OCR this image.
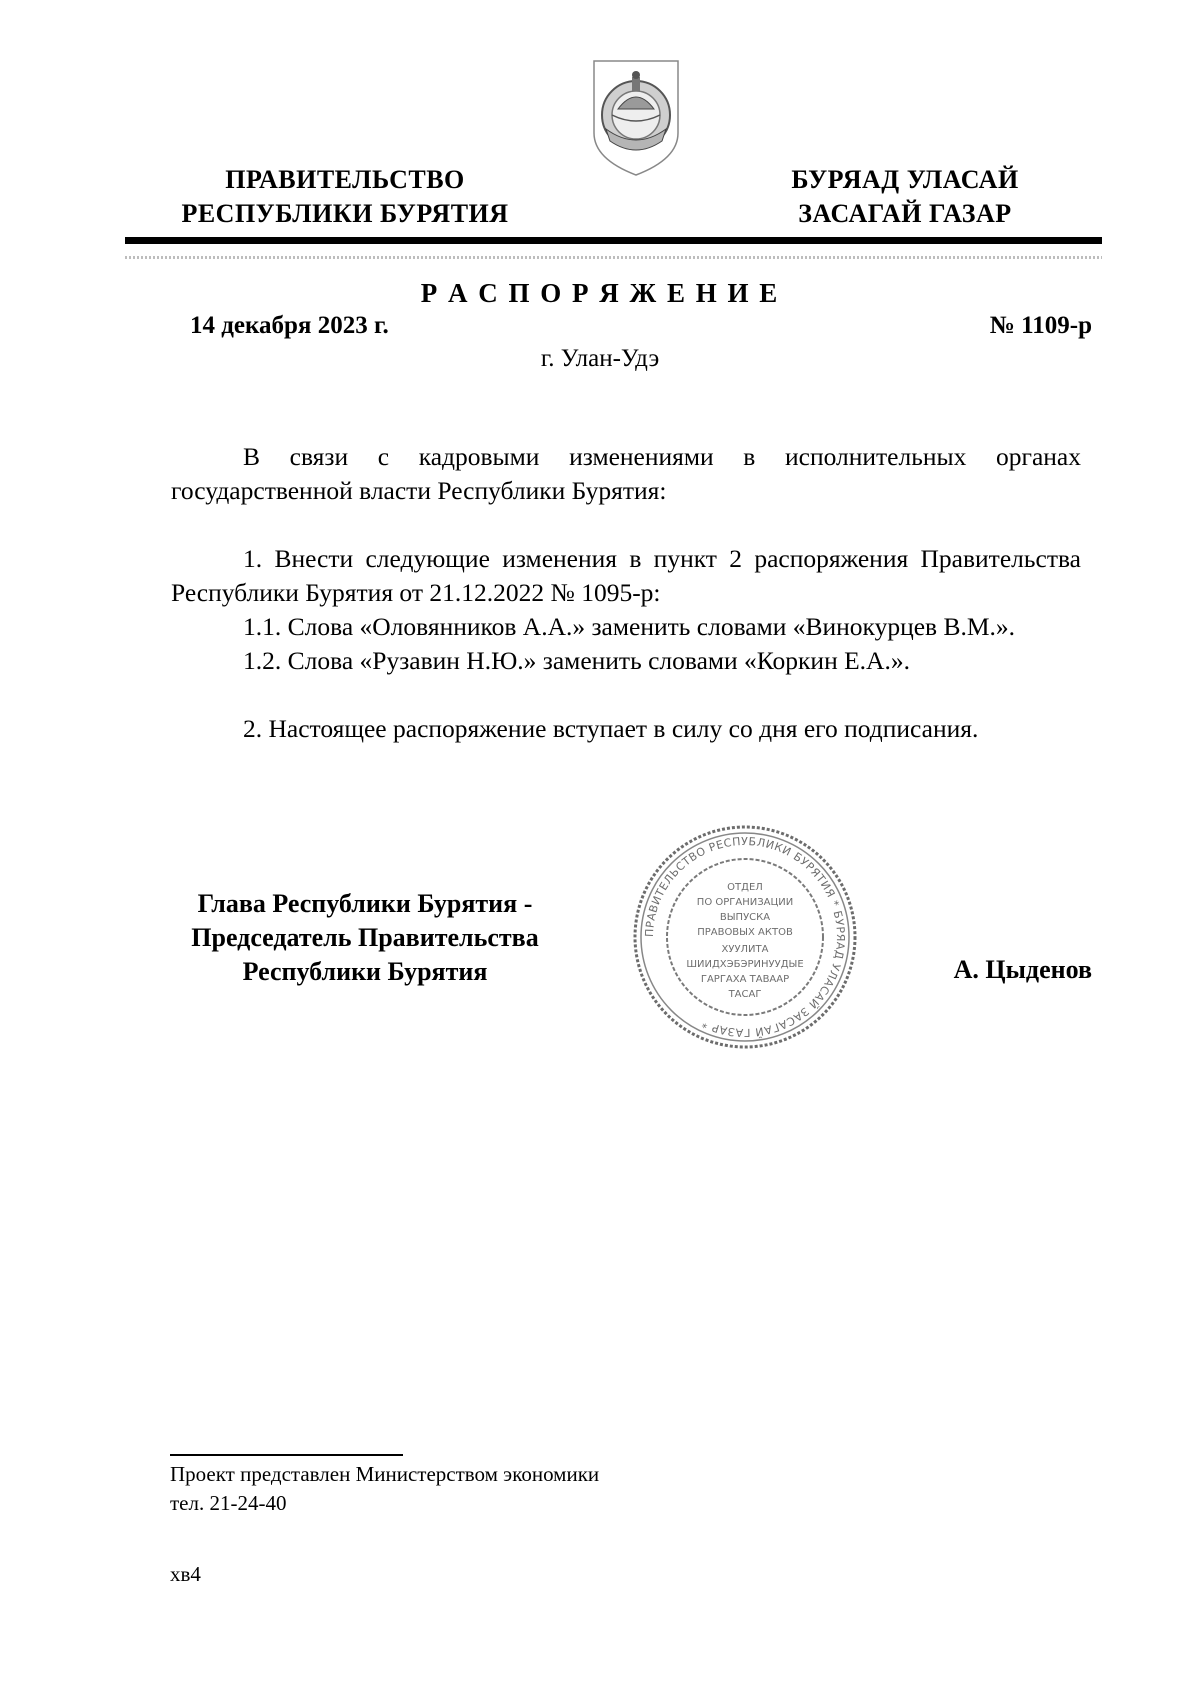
ПРАВИТЕЛЬСТВО
РЕСПУБЛИКИ БУРЯТИЯ
БУРЯАД УЛАСАЙ
ЗАСАГАЙ ГАЗАР
Р А С П О Р Я Ж Е Н И Е
14 декабря 2023 г.	№ 1109-р
г. Улан-Удэ

В связи с кадровыми изменениями в исполнительных органах государственной власти Республики Бурятия:

1. Внести следующие изменения в пункт 2 распоряжения Правительства Республики Бурятия от 21.12.2022 № 1095-р:

1.1. Слова «Оловянников А.А.» заменить словами «Винокурцев В.М.».

1.2. Слова «Рузавин Н.Ю.» заменить словами «Коркин Е.А.».

2. Настоящее распоряжение вступает в силу со дня его подписания.

Глава Республики Бурятия -
Председатель Правительства
Республики Бурятия	А. Цыденов
ПРАВИТЕЛЬСТВО РЕСПУБЛИКИ БУРЯТИЯ * БУРЯАД УЛАСАЙ ЗАСАГАЙ ГАЗАР *
ОТДЕЛ
ПО ОРГАНИЗАЦИИ
ВЫПУСКА
ПРАВОВЫХ АКТОВ
ХУУЛИТА
ШИИДХЭБЭРИНУУДЫЕ
ГАРГАХА ТАВААР
ТАСАГ
Проект представлен Министерством экономики
тел. 21-24-40
хв4
